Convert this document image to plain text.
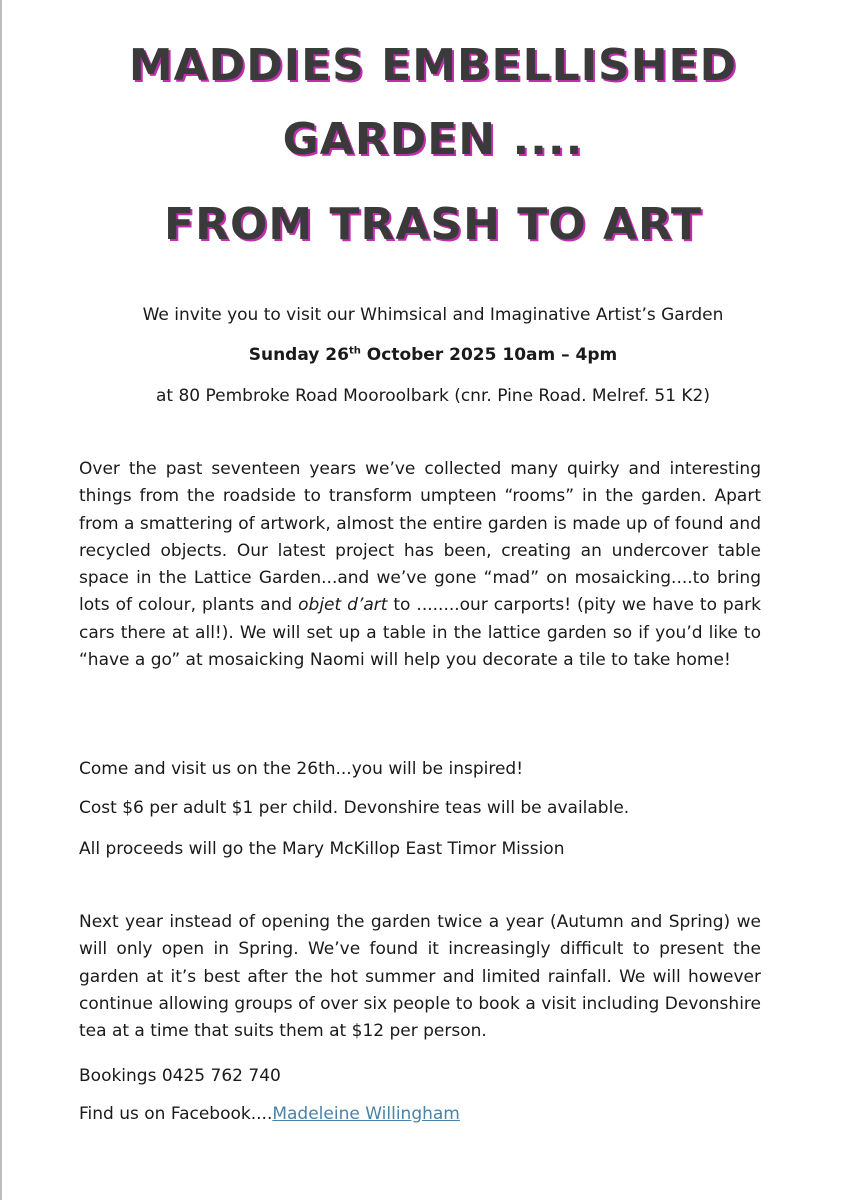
MADDIES EMBELLISHED
GARDEN ....
FROM TRASH TO ART
We invite you to visit our Whimsical and Imaginative Artist’s Garden
Sunday 26th October 2025 10am – 4pm
at 80 Pembroke Road Mooroolbark (cnr. Pine Road. Melref. 51 K2)

Over the past seventeen years we’ve collected many quirky and interesting things from the roadside to transform umpteen “rooms” in the garden. Apart from a smattering of artwork, almost the entire garden is made up of found and recycled objects. Our latest project has been, creating an undercover table space in the Lattice Garden...and we’ve gone “mad” on mosaicking....to bring lots of colour, plants and objet d’art to ........our carports! (pity we have to park cars there at all!). We will set up a table in the lattice garden so if you’d like to “have a go” at mosaicking Naomi will help you decorate a tile to take home!

Come and visit us on the 26th...you will be inspired!
Cost $6 per adult $1 per child. Devonshire teas will be available.
All proceeds will go the Mary McKillop East Timor Mission

Next year instead of opening the garden twice a year (Autumn and Spring) we will only open in Spring. We’ve found it increasingly difficult to present the garden at it’s best after the hot summer and limited rainfall. We will however continue allowing groups of over six people to book a visit including Devonshire tea at a time that suits them at $12 per person.

Bookings 0425 762 740
Find us on Facebook....Madeleine Willingham
